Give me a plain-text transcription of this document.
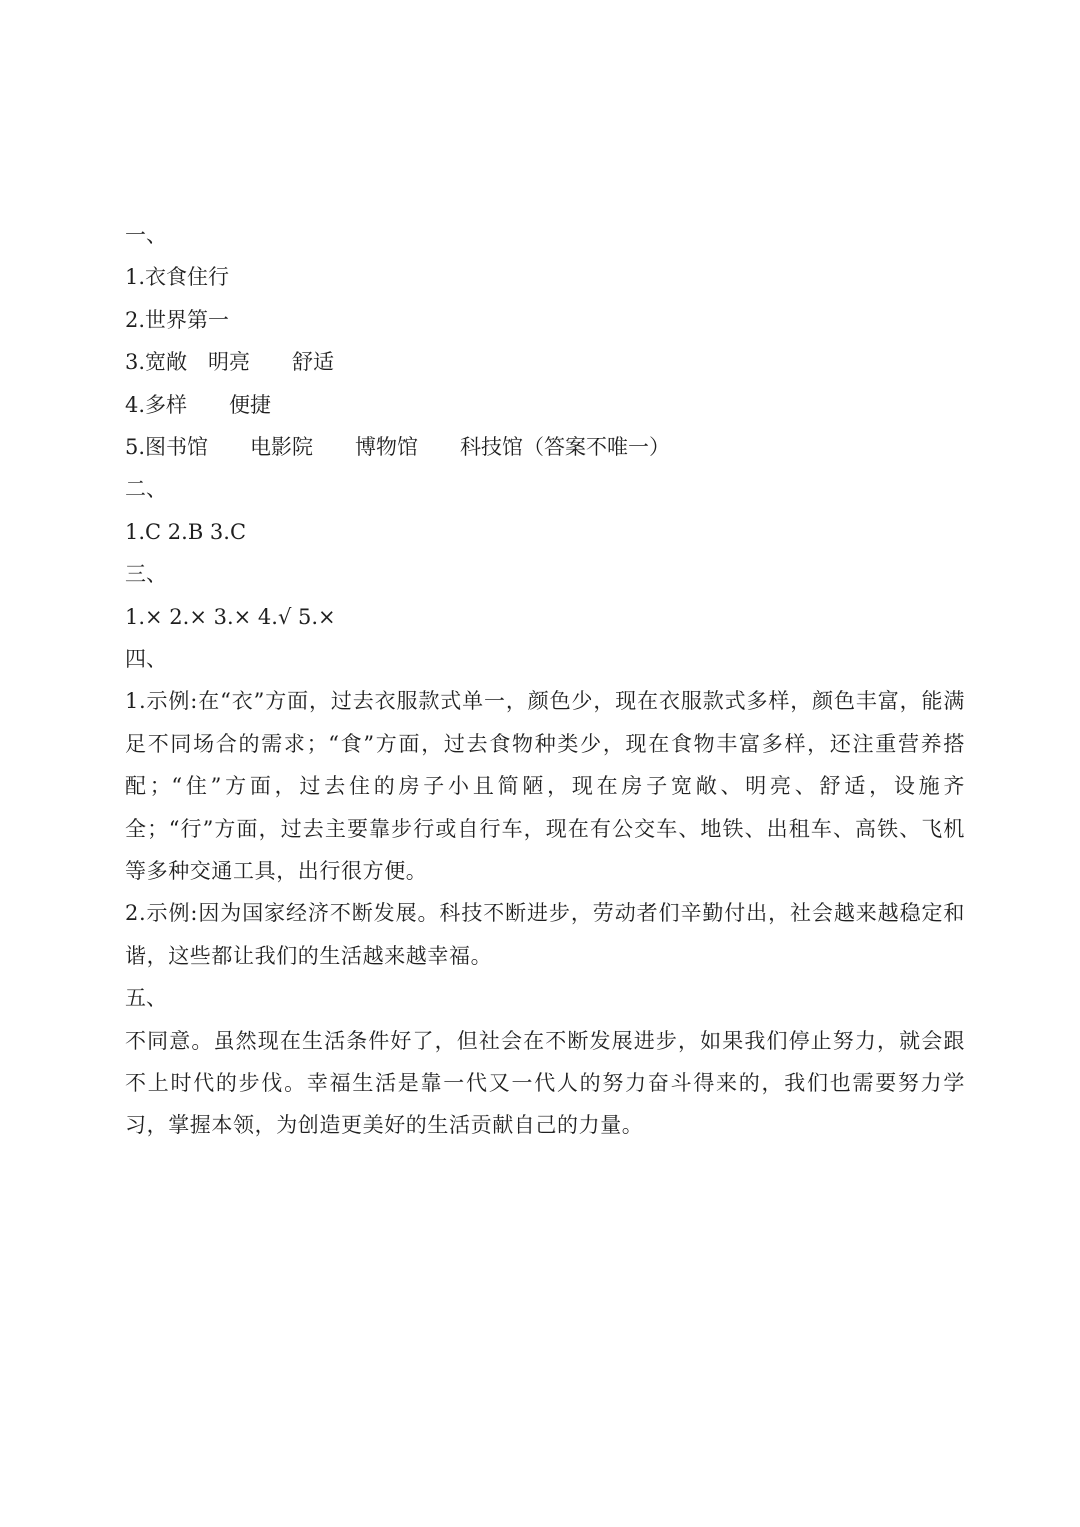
一、
1.衣食住行
2.世界第一
3.宽敞　明亮　　舒适
4.多样　　便捷
5.图书馆　　电影院　　博物馆　　科技馆（答案不唯一）
二、
1.C 2.B 3.C
三、
1.× 2.× 3.× 4.√ 5.×
四、

1.示例:在“衣”方面，过去衣服款式单一，颜色少，现在衣服款式多样，颜色丰富，能满足不同场合的需求；“食”方面，过去食物种类少，现在食物丰富多样，还注重营养搭配；“住”方面，过去住的房子小且简陋，现在房子宽敞、明亮、舒适，设施齐全；“行”方面，过去主要靠步行或自行车，现在有公交车、地铁、出租车、高铁、飞机等多种交通工具，出行很方便。

2.示例:因为国家经济不断发展。科技不断进步，劳动者们辛勤付出，社会越来越稳定和谐，这些都让我们的生活越来越幸福。

五、

不同意。虽然现在生活条件好了，但社会在不断发展进步，如果我们停止努力，就会跟不上时代的步伐。幸福生活是靠一代又一代人的努力奋斗得来的，我们也需要努力学习，掌握本领，为创造更美好的生活贡献自己的力量。
